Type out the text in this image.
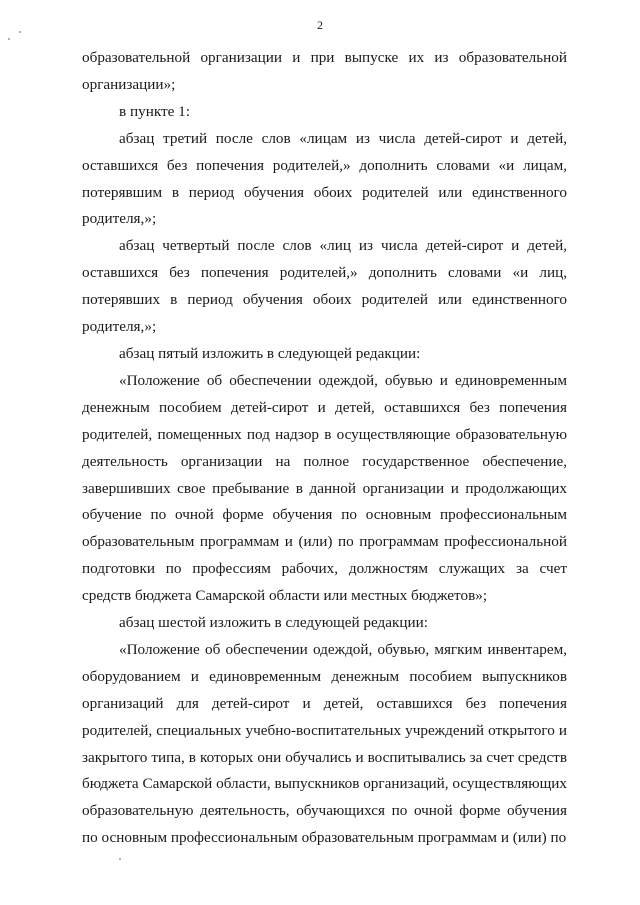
2

образовательной организации и при выпуске их из образовательной организации»;

в пункте 1:

абзац третий после слов «лицам из числа детей-сирот и детей, оставшихся без попечения родителей,» дополнить словами «и лицам, потерявшим в период обучения обоих родителей или единственного родителя,»;

абзац четвертый после слов «лиц из числа детей-сирот и детей, оставшихся без попечения родителей,» дополнить словами «и лиц, потерявших в период обучения обоих родителей или единственного родителя,»;

абзац пятый изложить в следующей редакции:

«Положение об обеспечении одеждой, обувью и единовременным денежным пособием детей-сирот и детей, оставшихся без попечения родителей, помещенных под надзор в осуществляющие образовательную деятельность организации на полное государственное обеспечение, завершивших свое пребывание в данной организации и продолжающих обучение по очной форме обучения по основным профессиональным образовательным программам и (или) по программам профессиональной подготовки по профессиям рабочих, должностям служащих за счет средств бюджета Самарской области или местных бюджетов»;

абзац шестой изложить в следующей редакции:

«Положение об обеспечении одеждой, обувью, мягким инвентарем, оборудованием и единовременным денежным пособием выпускников организаций для детей-сирот и детей, оставшихся без попечения родителей, специальных учебно-воспитательных учреждений открытого и закрытого типа, в которых они обучались и воспитывались за счет средств бюджета Самарской области, выпускников организаций, осуществляющих образовательную деятельность, обучающихся по очной форме обучения по основным профессиональным образовательным программам и (или) по
